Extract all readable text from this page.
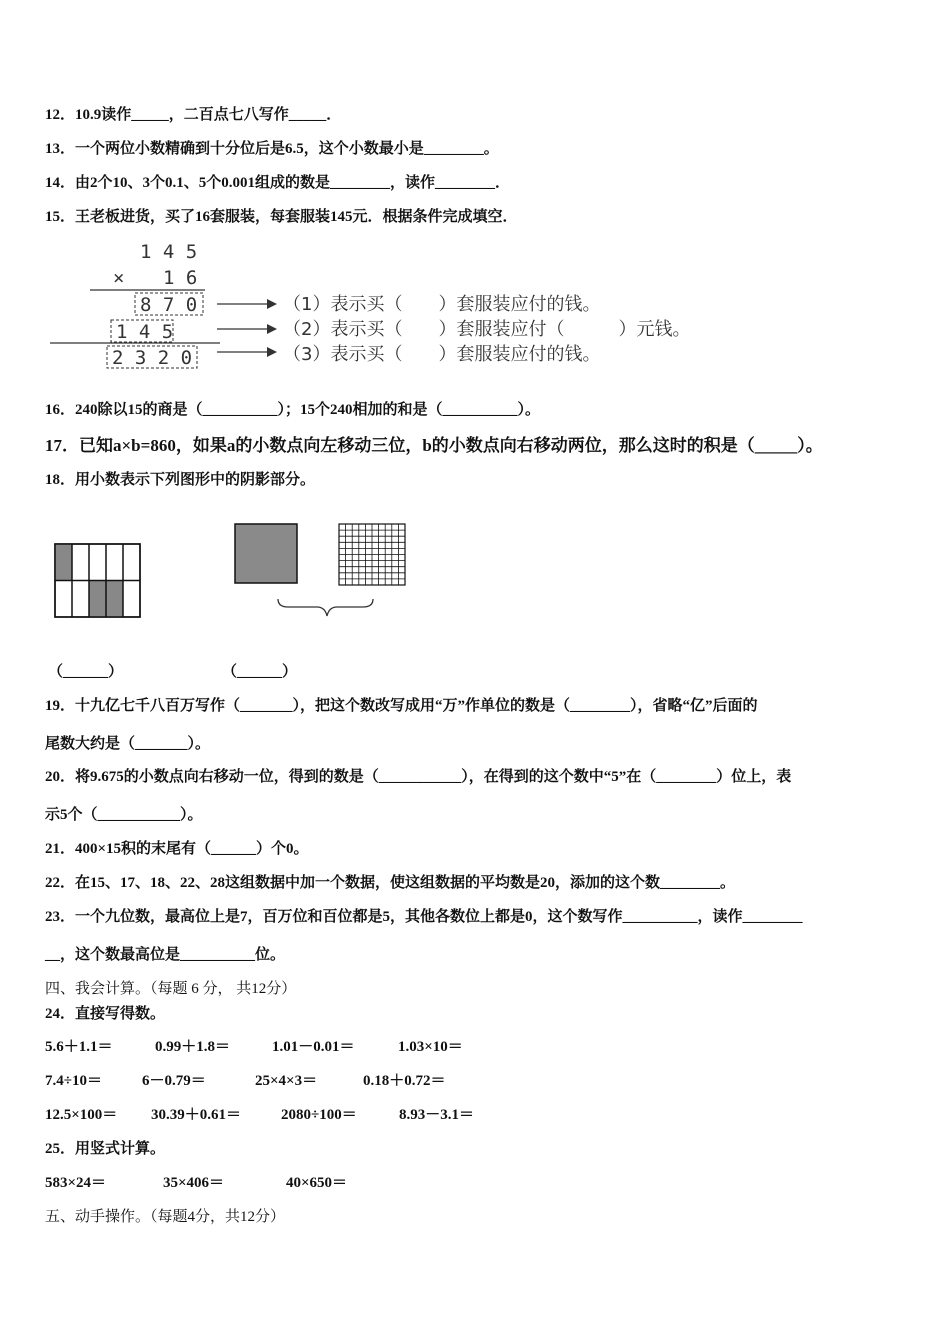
12．10.9读作_____，二百点七八写作_____．
13．一个两位小数精确到十分位后是6.5，这个小数最小是________。
14．由2个10、3个0.1、5个0.001组成的数是________，读作________．
15．王老板进货，买了16套服装，每套服装145元．根据条件完成填空．
1 4 5
× 1 6
8 7 0
1 4 5
2 3 2 0
（1）表示买（　　）套服装应付的钱。
（2）表示买（　　）套服装应付（　　　）元钱。
（3）表示买（　　）套服装应付的钱。
16．240除以15的商是（__________）；15个240相加的和是（__________）。
17．已知a×b=860，如果a的小数点向左移动三位，b的小数点向右移动两位，那么这时的积是（_____）。
18．用小数表示下列图形中的阴影部分。
（______）	（______）
19．十九亿七千八百万写作（_______），把这个数改写成用“万”作单位的数是（________），省略“亿”后面的
尾数大约是（_______）。
20．将9.675的小数点向右移动一位，得到的数是（___________），在得到的这个数中“5”在（________）位上，表
示5个（___________）。
21．400×15积的末尾有（______）个0。
22．在15、17、18、22、28这组数据中加一个数据，使这组数据的平均数是20，添加的这个数________。
23．一个九位数，最高位上是7，百万位和百位都是5，其他各数位上都是0，这个数写作__________，读作________
__，这个数最高位是__________位。
四、我会计算。（每题 6 分， 共12分）
24．直接写得数。
5.6＋1.1＝	0.99＋1.8＝	1.01－0.01＝	1.03×10＝
7.4÷10＝	6－0.79＝	25×4×3＝	0.18＋0.72＝
12.5×100＝ 30.39＋0.61＝	2080÷100＝	8.93－3.1＝
25．用竖式计算。
583×24＝	35×406＝	40×650＝
五、动手操作。（每题4分，共12分）
